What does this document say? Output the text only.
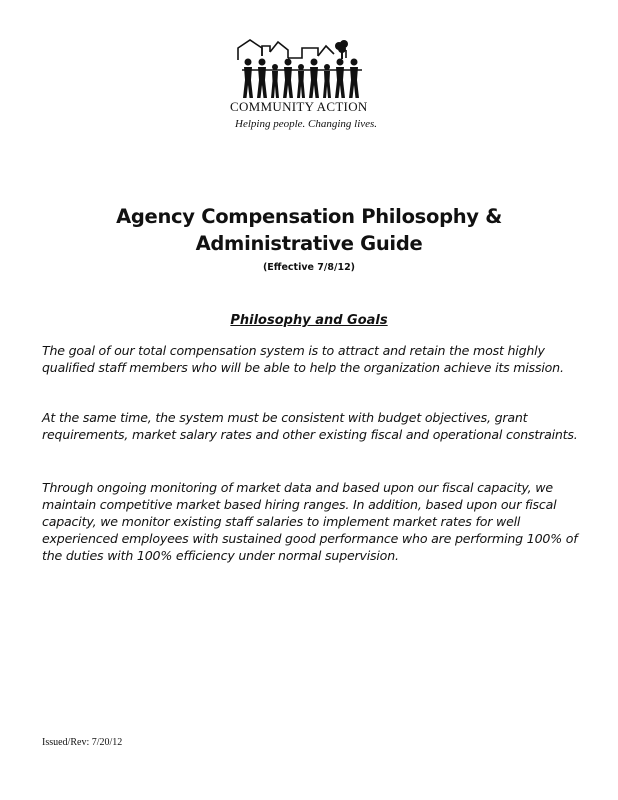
COMMUNITY ACTION
Helping people. Changing lives.
Agency Compensation Philosophy &
Administrative Guide
(Effective 7/8/12)
Philosophy and Goals
The goal of our total compensation system is to attract and retain the most highly qualified staff members who will be able to help the organization achieve its mission.
At the same time, the system must be consistent with budget objectives, grant requirements, market salary rates and other existing fiscal and operational constraints.
Through ongoing monitoring of market data and based upon our fiscal capacity, we maintain competitive market based hiring ranges. In addition, based upon our fiscal capacity, we monitor existing staff salaries to implement market rates for well experienced employees with sustained good performance who are performing 100% of the duties with 100% efficiency under normal supervision.
Issued/Rev: 7/20/12
